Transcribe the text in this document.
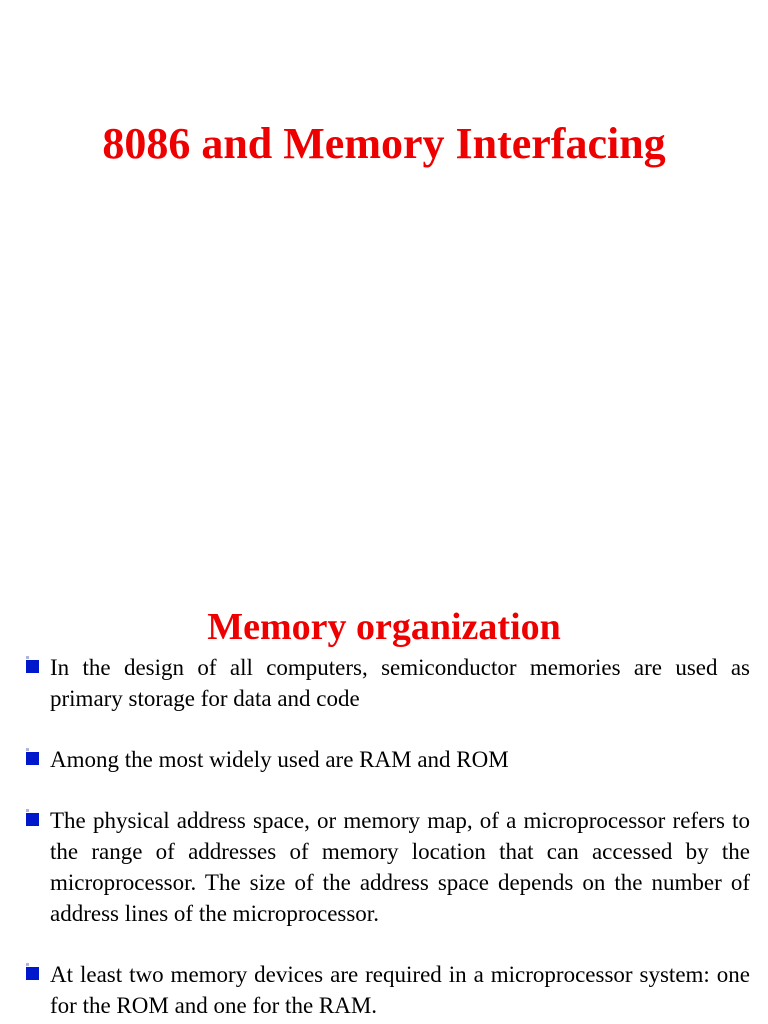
8086 and Memory Interfacing
Memory organization
In the design of all computers, semiconductor memories are used as primary storage for data and code
Among the most widely used are RAM and ROM
The physical address space, or memory map, of a microprocessor refers to the range of addresses of memory location that can accessed by the microprocessor. The size of the address space depends on the number of address lines of the microprocessor.
At least two memory devices are required in a microprocessor system: one for the ROM and one for the RAM.
